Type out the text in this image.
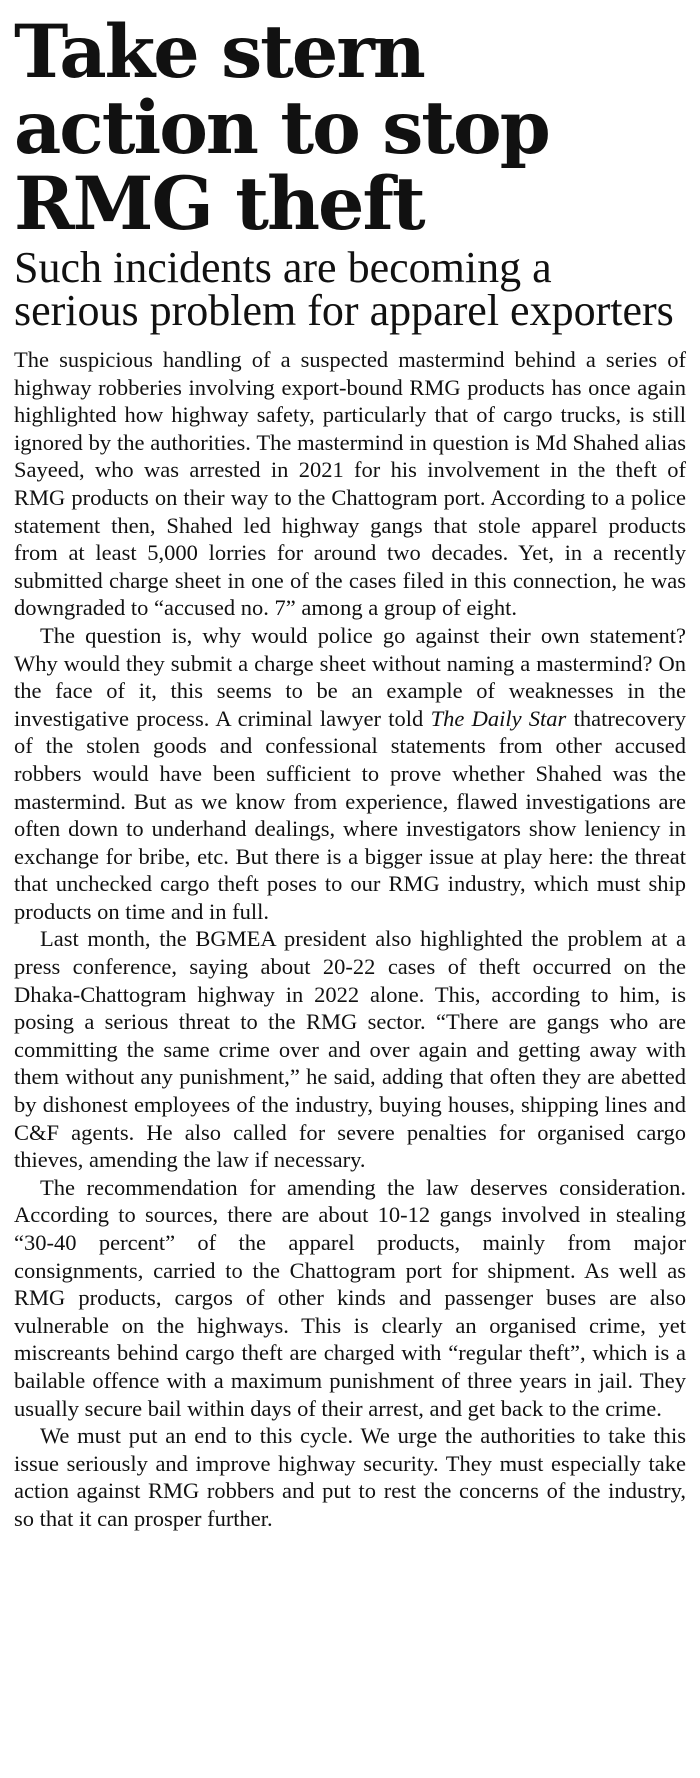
Take stern action to stop RMG theft
Such incidents are becoming a serious problem for apparel exporters

The suspicious handling of a suspected mastermind behind a series of highway robberies involving export-bound RMG products has once again highlighted how highway safety, particularly that of cargo trucks, is still ignored by the authorities. The mastermind in question is Md Shahed alias Sayeed, who was arrested in 2021 for his involvement in the theft of RMG products on their way to the Chattogram port. According to a police statement then, Shahed led highway gangs that stole apparel products from at least 5,000 lorries for around two decades. Yet, in a recently submitted charge sheet in one of the cases filed in this connection, he was downgraded to “accused no. 7” among a group of eight.

The question is, why would police go against their own statement? Why would they submit a charge sheet without naming a mastermind? On the face of it, this seems to be an example of weaknesses in the investigative process. A criminal lawyer told The Daily Star thatrecovery of the stolen goods and confessional statements from other accused robbers would have been sufficient to prove whether Shahed was the mastermind. But as we know from experience, flawed investigations are often down to underhand dealings, where investigators show leniency in exchange for bribe, etc. But there is a bigger issue at play here: the threat that unchecked cargo theft poses to our RMG industry, which must ship products on time and in full.

Last month, the BGMEA president also highlighted the problem at a press conference, saying about 20-22 cases of theft occurred on the Dhaka-Chattogram highway in 2022 alone. This, according to him, is posing a serious threat to the RMG sector. “There are gangs who are committing the same crime over and over again and getting away with them without any punishment,” he said, adding that often they are abetted by dishonest employees of the industry, buying houses, shipping lines and C&F agents. He also called for severe penalties for organised cargo thieves, amending the law if necessary.

The recommendation for amending the law deserves consideration. According to sources, there are about 10-12 gangs involved in stealing “30-40 percent” of the apparel products, mainly from major consignments, carried to the Chattogram port for shipment. As well as RMG products, cargos of other kinds and passenger buses are also vulnerable on the highways. This is clearly an organised crime, yet miscreants behind cargo theft are charged with “regular theft”, which is a bailable offence with a maximum punishment of three years in jail. They usually secure bail within days of their arrest, and get back to the crime.

We must put an end to this cycle. We urge the authorities to take this issue seriously and improve highway security. They must especially take action against RMG robbers and put to rest the concerns of the industry, so that it can prosper further.
